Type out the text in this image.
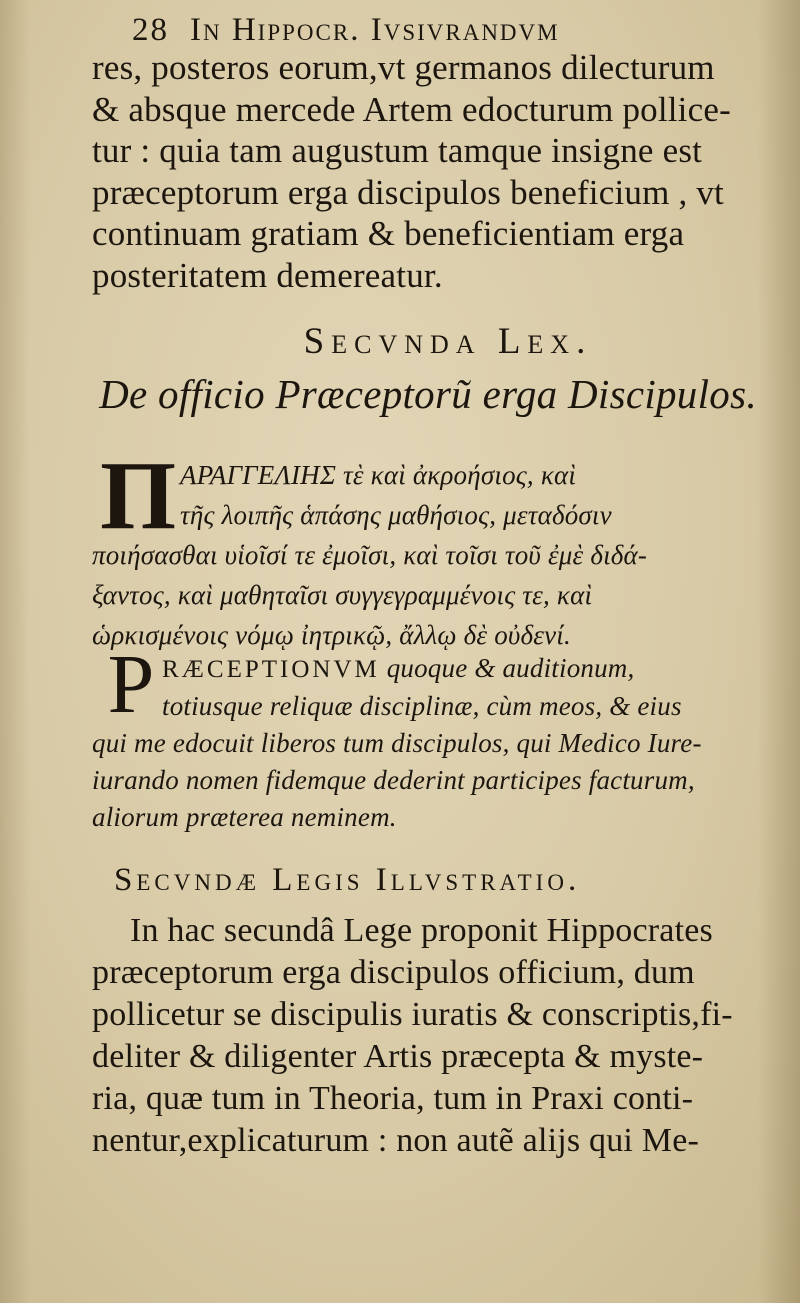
28 In Hippocr. Ivsivrandvm
res, posteros eorum,vt germanos dilecturum
& absque mercede Artem edocturum pollice-
tur : quia tam augustum tamque insigne est
præceptorum erga discipulos beneficium , vt
continuam gratiam & beneficientiam erga
posteritatem demereatur.
Secvnda Lex.
De officio Præceptorũ erga Discipulos.
Π ΑΡΑΓΓΕΛΙΗΣ τὲ καὶ ἀκροήσιος, καὶ
τῆς λοιπῆς ἁπάσης μαθήσιος, μεταδόσιν
ποιήσασθαι υἱοῖσί τε ἐμοῖσι, καὶ τοῖσι τοῦ ἐμὲ διδά-
ξαντος, καὶ μαθηταῖσι συγγεγραμμένοις τε, καὶ
ὡρκισμένοις νόμῳ ἰητρικῷ, ἄλλῳ δὲ οὐδενί.
P RÆCEPTIONVM quoque & auditionum,
totiusque reliquæ disciplinæ, cùm meos, & eius
qui me edocuit liberos tum discipulos, qui Medico Iure-
iurando nomen fidemque dederint participes facturum,
aliorum prӕterea neminem.
Secvndæ Legis Illvstratio.
In hac secundâ Lege proponit Hippocrates
præceptorum erga discipulos officium, dum
pollicetur se discipulis iuratis & conscriptis,fi-
deliter & diligenter Artis præcepta & myste-
ria, quæ tum in Theoria, tum in Praxi conti-
nentur,explicaturum : non autẽ alijs qui Me-
